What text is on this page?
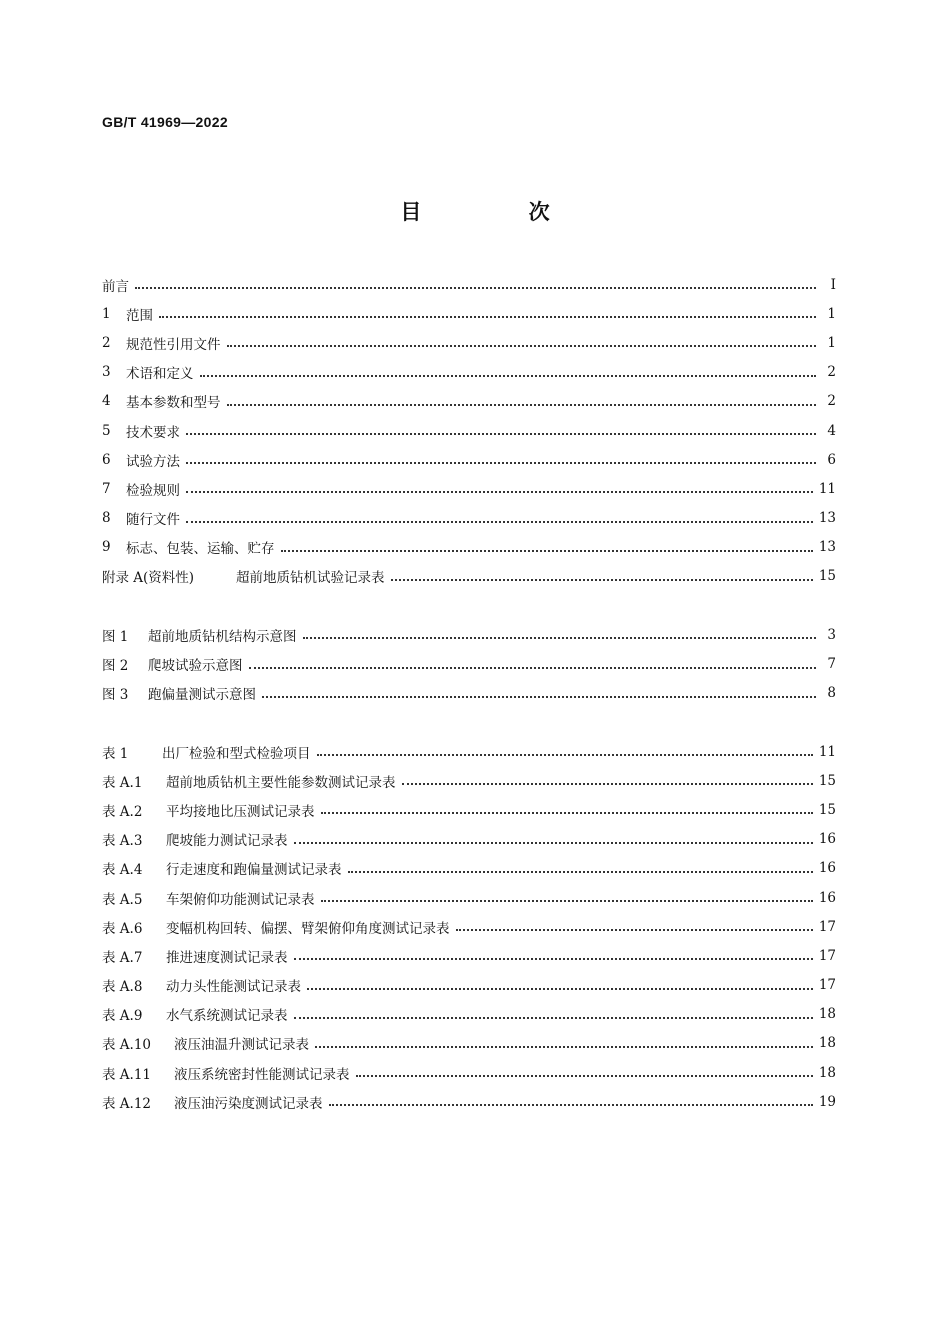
GB/T 41969—2022
目 次
前言	Ⅰ
1	范围	1
2	规范性引用文件	1
3	术语和定义	2
4	基本参数和型号	2
5	技术要求	4
6	试验方法	6
7	检验规则	11
8	随行文件	13
9	标志、包装、运输、贮存	13
附录 A(资料性)	超前地质钻机试验记录表	15
图 1	超前地质钻机结构示意图	3
图 2	爬坡试验示意图	7
图 3	跑偏量测试示意图	8
表 1	出厂检验和型式检验项目	11
表 A.1	超前地质钻机主要性能参数测试记录表	15
表 A.2	平均接地比压测试记录表	15
表 A.3	爬坡能力测试记录表	16
表 A.4	行走速度和跑偏量测试记录表	16
表 A.5	车架俯仰功能测试记录表	16
表 A.6	变幅机构回转、偏摆、臂架俯仰角度测试记录表	17
表 A.7	推进速度测试记录表	17
表 A.8	动力头性能测试记录表	17
表 A.9	水气系统测试记录表	18
表 A.10	液压油温升测试记录表	18
表 A.11	液压系统密封性能测试记录表	18
表 A.12	液压油污染度测试记录表	19
